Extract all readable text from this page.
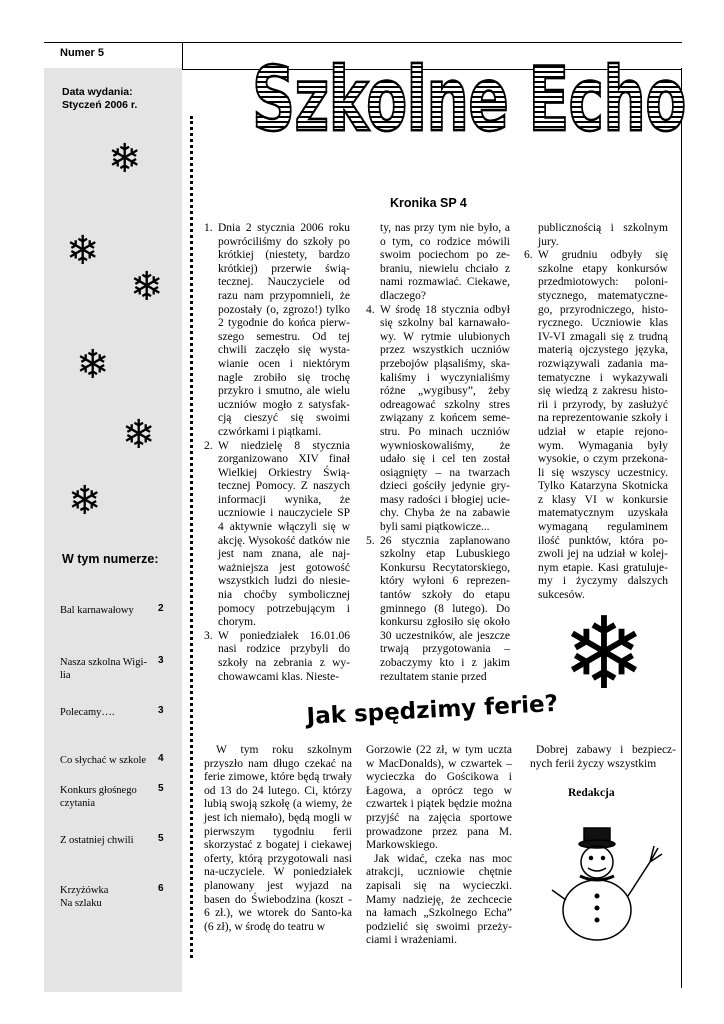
Numer 5
Data wydania:
Styczeń 2006 r.
❄
❄
❄
❄
❄
❄
W tym numerze:
Bal karnawałowy	2
Nasza szkolna Wigi-
lia
3
Polecamy….	3
Co słychać w szkole	4
Konkurs głośnego
czytania
5
Z ostatniej chwili	5
Krzyżówka
Na szlaku
6
Szkolne Echo
Kronika SP 4
1. Dnia 2 stycznia 2006 roku powróciliśmy do szkoły po krótkiej (niestety, bardzo krótkiej) przerwie świą-tecznej. Nauczyciele od razu nam przypomnieli, że pozostały (o, zgrozo!) tylko 2 tygodnie do końca pierw-szego semestru. Od tej chwili zaczęło się wysta-wianie ocen i niektórym nagle zrobiło się trochę przykro i smutno, ale wielu uczniów mogło z satysfak-cją cieszyć się swoimi czwórkami i piątkami.
2. W niedzielę 8 stycznia zorganizowano XIV finał Wielkiej Orkiestry Świą-tecznej Pomocy. Z naszych informacji wynika, że uczniowie i nauczyciele SP 4 aktywnie włączyli się w akcję. Wysokość datków nie jest nam znana, ale naj-ważniejsza jest gotowość wszystkich ludzi do niesie-nia choćby symbolicznej pomocy potrzebującym i chorym.
3. W poniedziałek 16.01.06 nasi rodzice przybyli do szkoły na zebrania z wy-chowawcami klas. Nieste-
ty, nas przy tym nie było, a o tym, co rodzice mówili swoim pociechom po ze-braniu, niewielu chciało z nami rozmawiać. Ciekawe, dlaczego?
4. W środę 18 stycznia odbył się szkolny bal karnawało-wy. W rytmie ulubionych przez wszystkich uczniów przebojów pląsaliśmy, ska-kaliśmy i wyczynialiśmy różne „wygibusy”, żeby odreagować szkolny stres związany z końcem seme-stru. Po minach uczniów wywnioskowaliśmy, że udało się i cel ten został osiągnięty – na twarzach dzieci gościły jedynie gry-masy radości i błogiej ucie-chy. Chyba że na zabawie byli sami piątkowicze...
5. 26 stycznia zaplanowano szkolny etap Lubuskiego Konkursu Recytatorskiego, który wyłoni 6 reprezen-tantów szkoły do etapu gminnego (8 lutego). Do konkursu zgłosiło się około 30 uczestników, ale jeszcze trwają przygotowania – zobaczymy kto i z jakim rezultatem stanie przed
publicznością i szkolnym jury.
6. W grudniu odbyły się szkolne etapy konkursów przedmiotowych: poloni-stycznego, matematyczne-go, przyrodniczego, histo-rycznego. Uczniowie klas IV-VI zmagali się z trudną materią ojczystego języka, rozwiązywali zadania ma-tematyczne i wykazywali się wiedzą z zakresu histo-rii i przyrody, by zasłużyć na reprezentowanie szkoły i udział w etapie rejono-wym. Wymagania były wysokie, o czym przekona-li się wszyscy uczestnicy. Tylko Katarzyna Skotnicka z klasy VI w konkursie matematycznym uzyskała wymaganą regulaminem ilość punktów, która po-zwoli jej na udział w kolej-nym etapie. Kasi gratuluje-my i życzymy dalszych sukcesów.
❄
Jak spędzimy ferie?

W tym roku szkolnym przyszło nam długo czekać na ferie zimowe, które będą trwały od 13 do 24 lutego. Ci, którzy lubią swoją szkołę (a wiemy, że jest ich niemało), będą mogli w pierwszym tygodniu ferii skorzystać z bogatej i ciekawej oferty, którą przygotowali nasi na-uczyciele. W poniedziałek planowany jest wyjazd na basen do Świebodzina (koszt - 6 zł.), we wtorek do Santo-ka (6 zł), w środę do teatru w

Gorzowie (22 zł, w tym uczta w MacDonalds), w czwartek – wycieczka do Gościkowa i Łagowa, a oprócz tego w czwartek i piątek będzie można przyjść na zajęcia sportowe prowadzone przez pana M. Markowskiego.

Jak widać, czeka nas moc atrakcji, uczniowie chętnie zapisali się na wycieczki. Mamy nadzieję, że zechcecie na łamach „Szkolnego Echa” podzielić się swoimi przeży-ciami i wrażeniami.

Dobrej zabawy i bezpiecz-nych ferii życzy wszystkim

Redakcja
